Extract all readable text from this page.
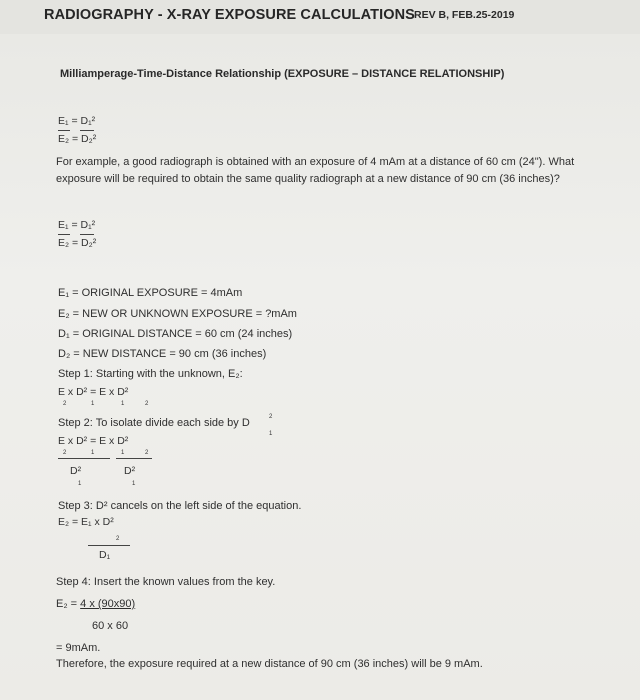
RADIOGRAPHY - X-RAY EXPOSURE CALCULATIONS REV B, FEB.25-2019
Milliamperage-Time-Distance Relationship (EXPOSURE – DISTANCE RELATIONSHIP)
E₁ = D₁²
E₂ = D₂²
For example, a good radiograph is obtained with an exposure of 4 mAm at a distance of 60 cm (24"). What exposure will be required to obtain the same quality radiograph at a new distance of 90 cm (36 inches)?
E₁ = D₁²
E₂ = D₂²
E₁ = ORIGINAL EXPOSURE = 4mAm
E₂ = NEW OR UNKNOWN EXPOSURE = ?mAm
D₁ = ORIGINAL DISTANCE = 60 cm (24 inches)
D₂ = NEW DISTANCE = 90 cm (36 inches)
Step 1: Starting with the unknown, E₂:
E x D² = E x D²
2	1	1	2
Step 2: To isolate divide each side by D	2
1
E x D² = E x D²
2	1	1	2
D²	D²
1	1
Step 3: D² cancels on the left side of the equation.
E₂ = E₁ x D²
2
D₁
Step 4: Insert the known values from the key.
E₂ = 4 x (90x90)
60 x 60
= 9mAm.
Therefore, the exposure required at a new distance of 90 cm (36 inches) will be 9 mAm.
